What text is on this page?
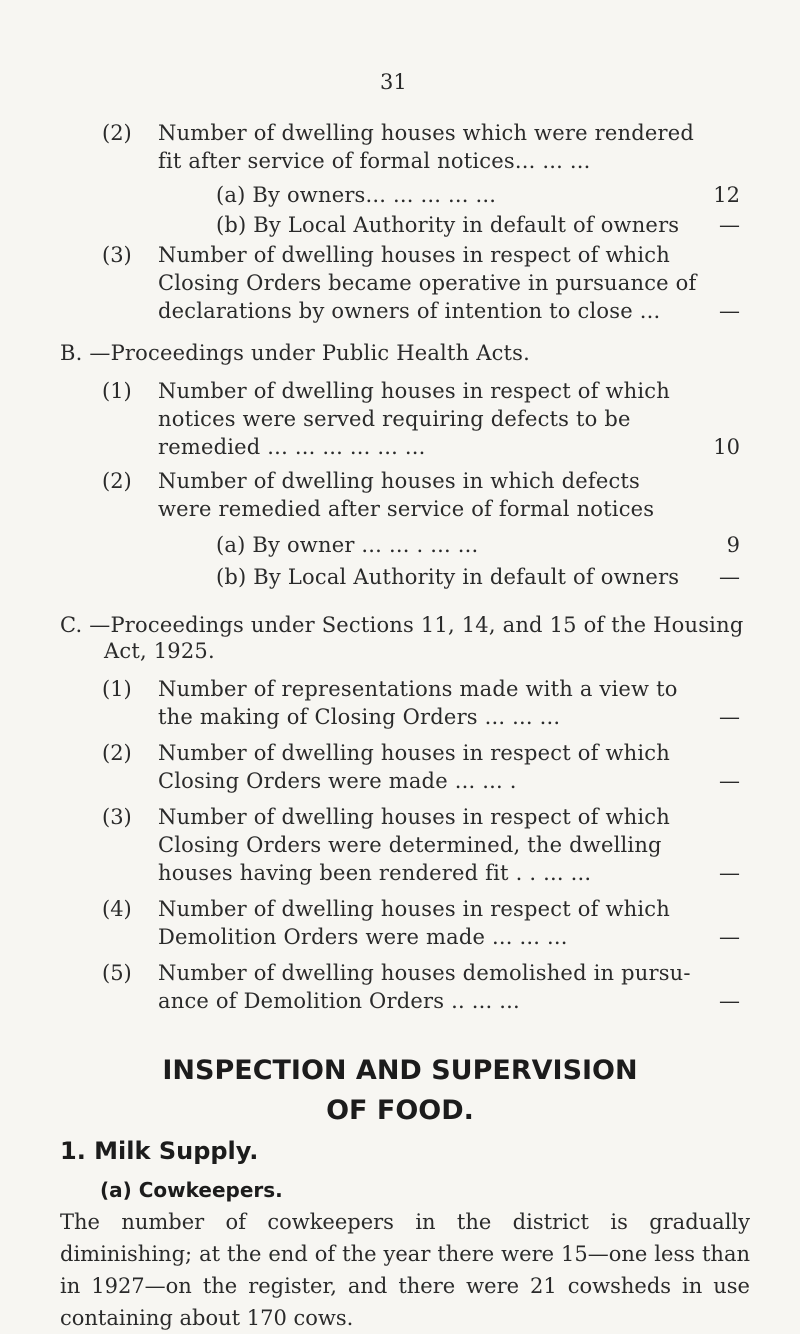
31
(2) Number of dwelling houses which were rendered
fit after service of formal notices... ... ...
(a) By owners... ... ... ... ...	12
(b) By Local Authority in default of owners	—
(3) Number of dwelling houses in respect of which
Closing Orders became operative in pursuance of
declarations by owners of intention to close ...	—
B. —Proceedings under Public Health Acts.
(1) Number of dwelling houses in respect of which
notices were served requiring defects to be
remedied ... ... ... ... ... ...	10
(2) Number of dwelling houses in which defects
were remedied after service of formal notices
(a) By owner ... ... . ... ...	9
(b) By Local Authority in default of owners	—
C. —Proceedings under Sections 11, 14, and 15 of the Housing
Act, 1925.
(1) Number of representations made with a view to
the making of Closing Orders ... ... ...	—
(2) Number of dwelling houses in respect of which
Closing Orders were made ... ... .	—
(3) Number of dwelling houses in respect of which
Closing Orders were determined, the dwelling
houses having been rendered fit . . ... ...	—
(4) Number of dwelling houses in respect of which
Demolition Orders were made ... ... ...	—
(5) Number of dwelling houses demolished in pursu-
ance of Demolition Orders .. ... ...	—
INSPECTION AND SUPERVISION
OF FOOD.
1. Milk Supply.
(a) Cowkeepers.
The number of cowkeepers in the district is gradually diminishing; at the end of the year there were 15—one less than in 1927—on the register, and there were 21 cowsheds in use containing about 170 cows.
